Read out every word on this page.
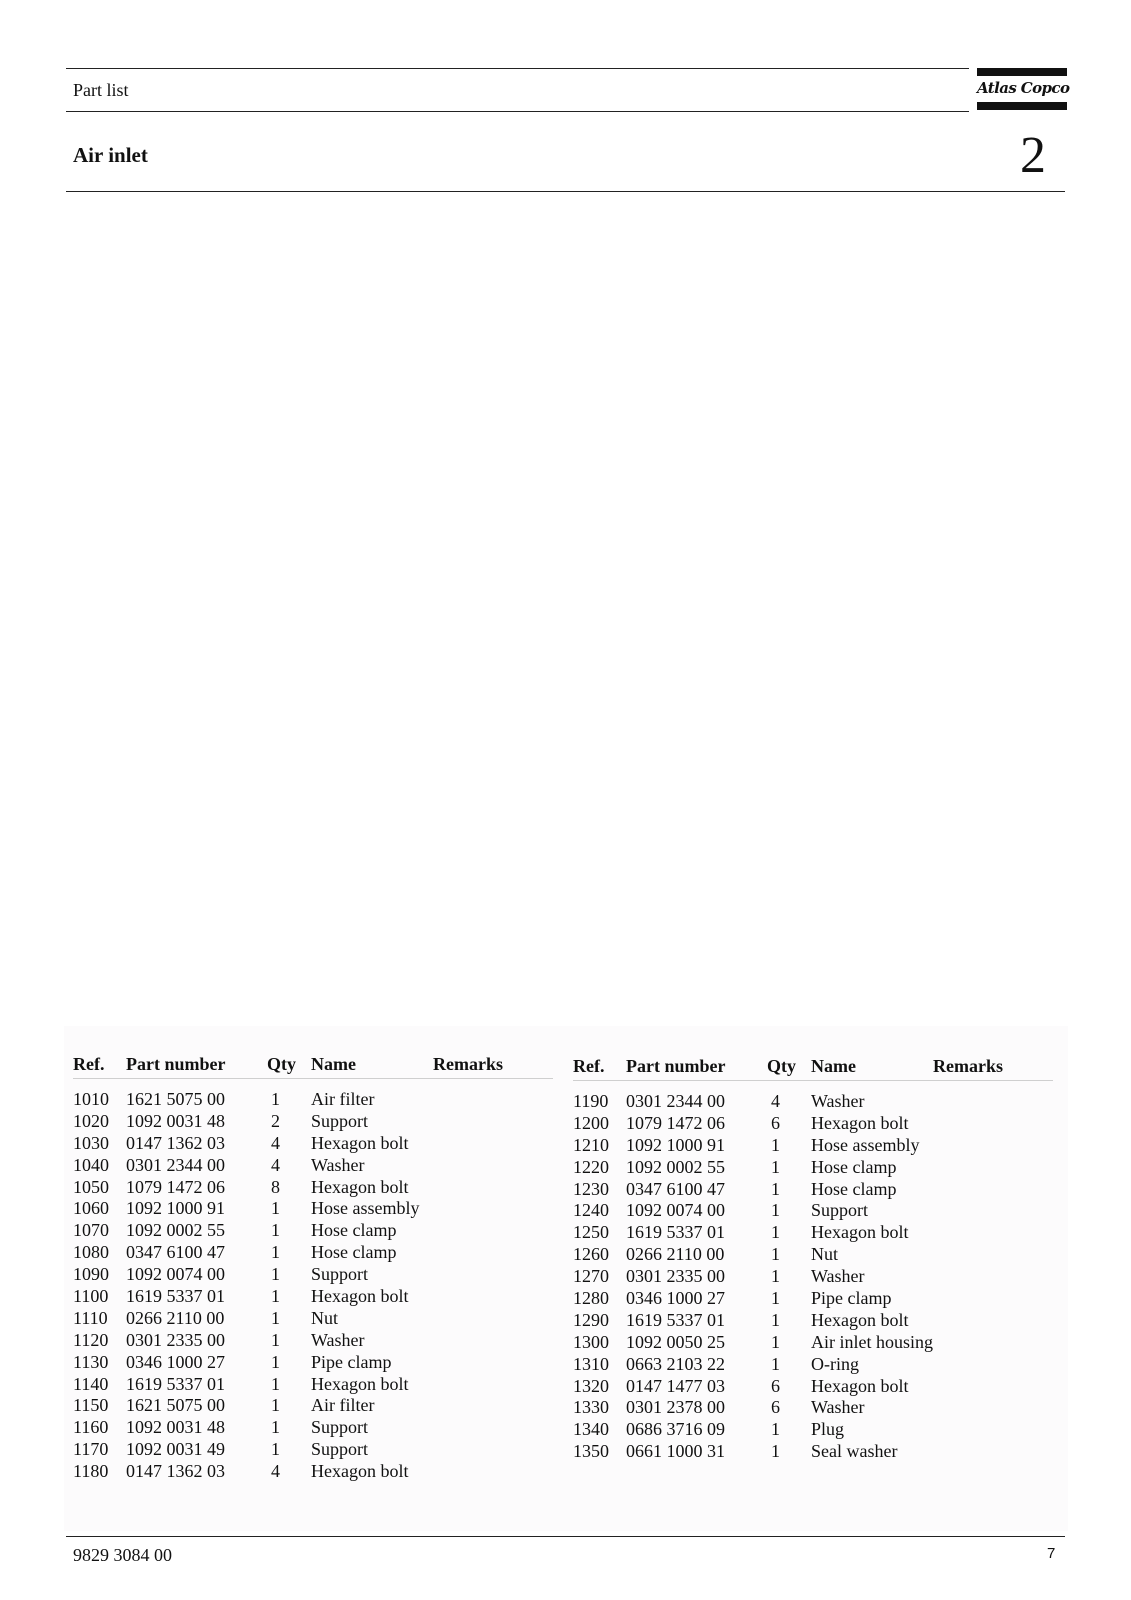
Part list	Atlas Copco
Air inlet	2
Ref. Part number Qty Name	Remarks
1010 1621 5075 00	1 Air filter
1020 1092 0031 48	2 Support
1030 0147 1362 03	4 Hexagon bolt
1040 0301 2344 00	4 Washer
1050 1079 1472 06	8 Hexagon bolt
1060 1092 1000 91	1 Hose assembly
1070 1092 0002 55	1 Hose clamp
1080 0347 6100 47	1 Hose clamp
1090 1092 0074 00	1 Support
1100 1619 5337 01	1 Hexagon bolt
1110 0266 2110 00	1 Nut
1120 0301 2335 00	1 Washer
1130 0346 1000 27	1 Pipe clamp
1140 1619 5337 01	1 Hexagon bolt
1150 1621 5075 00	1 Air filter
1160 1092 0031 48	1 Support
1170 1092 0031 49	1 Support
1180 0147 1362 03	4 Hexagon bolt
Ref. Part number Qty Name	Remarks
1190 0301 2344 00	4 Washer
1200 1079 1472 06	6 Hexagon bolt
1210 1092 1000 91	1 Hose assembly
1220 1092 0002 55	1 Hose clamp
1230 0347 6100 47	1 Hose clamp
1240 1092 0074 00	1 Support
1250 1619 5337 01	1 Hexagon bolt
1260 0266 2110 00	1 Nut
1270 0301 2335 00	1 Washer
1280 0346 1000 27	1 Pipe clamp
1290 1619 5337 01	1 Hexagon bolt
1300 1092 0050 25	1 Air inlet housing
1310 0663 2103 22	1 O-ring
1320 0147 1477 03	6 Hexagon bolt
1330 0301 2378 00	6 Washer
1340 0686 3716 09	1 Plug
1350 0661 1000 31	1 Seal washer
9829 3084 00	7
